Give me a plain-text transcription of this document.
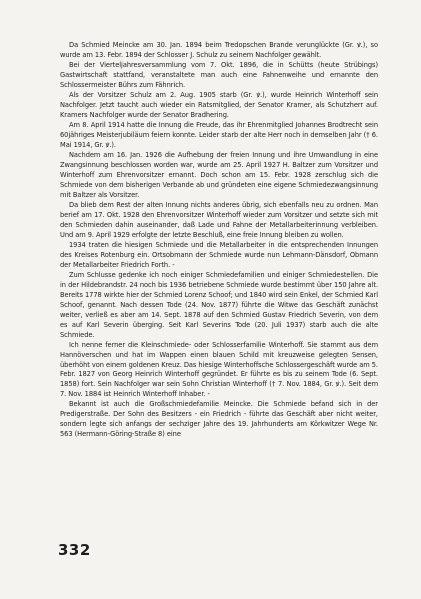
Da Schmied Meincke am 30. Jan. 1894 beim Tredopschen Brande verunglückte (Gr. ꝟ.), so wurde am 13. Febr. 1894 der Schlosser J. Schulz zu seinem Nachfolger gewählt.

Bei der Vierteljahresversammlung vom 7. Okt. 1896, die in Schütts (heute Strübings) Gastwirtschaft stattfand, veranstaltete man auch eine Fahnenweihe und ernannte den Schlossermeister Bührs zum Fähnrich.

Als der Vorsitzer Schulz am 2. Aug. 1905 starb (Gr. ꝟ.), wurde Heinrich Winterhoff sein Nachfolger. Jetzt taucht auch wieder ein Ratsmitglied, der Senator Kramer, als Schutzherr auf. Kramers Nachfolger wurde der Senator Bradhering.

Am 8. April 1914 hatte die Innung die Freude, das ihr Ehrenmitglied Johannes Brodtrecht sein 60jähriges Meisterjubiläum feiern konnte. Leider starb der alte Herr noch in demselben Jahr († 6. Mai 1914, Gr. ꝟ.).

Nachdem am 16. Jan. 1926 die Aufhebung der freien Innung und ihre Umwandlung in eine Zwangsinnung beschlossen worden war, wurde am 25. April 1927 H. Baltzer zum Vorsitzer und Winterhoff zum Ehrenvorsitzer ernannt. Doch schon am 15. Febr. 1928 zerschlug sich die Schmiede von dem bisherigen Verbande ab und gründeten eine eigene Schmiedezwangsinnung mit Baltzer als Vorsitzer.

Da blieb dem Rest der alten Innung nichts anderes übrig, sich ebenfalls neu zu ordnen. Man berief am 17. Okt. 1928 den Ehrenvorsitzer Winterhoff wieder zum Vorsitzer und setzte sich mit den Schmieden dahin auseinander, daß Lade und Fahne der Metallarbeiterinnung verbleiben. Und am 9. April 1929 erfolgte der letzte Beschluß, eine freie Innung bleiben zu wollen.

1934 traten die hiesigen Schmiede und die Metallarbeiter in die entsprechenden Innungen des Kreises Rotenburg ein. Ortsobmann der Schmiede wurde nun Lehmann-Dänsdorf, Obmann der Metallarbeiter Friedrich Forth. -

Zum Schlusse gedenke ich noch einiger Schmiedefamilien und einiger Schmiedestellen. Die in der Hildebrandstr. 24 noch bis 1936 betriebene Schmiede wurde bestimmt über 150 Jahre alt. Bereits 1778 wirkte hier der Schmied Lorenz Schoof; und 1840 wird sein Enkel, der Schmied Karl Schoof, genannt. Nach dessen Tode (24. Nov. 1877) führte die Witwe das Geschäft zunächst weiter, verließ es aber am 14. Sept. 1878 auf den Schmied Gustav Friedrich Severin, von dem es auf Karl Severin überging. Seit Karl Severins Tode (20. Juli 1937) starb auch die alte Schmiede.

Ich nenne ferner die Kleinschmiede- oder Schlosserfamilie Winterhoff. Sie stammt aus dem Hannöverschen und hat im Wappen einen blauen Schild mit kreuzweise gelegten Sensen, überhöht von einem goldenen Kreuz. Das hiesige Winterhoffsche Schlossergeschäft wurde am 5. Febr. 1827 von Georg Heinrich Winterhoff gegründet. Er führte es bis zu seinem Tode (6. Sept. 1858) fort. Sein Nachfolger war sein Sohn Christian Winterhoff († 7. Nov. 1884, Gr. ꝟ.). Seit dem 7. Nov. 1884 ist Heinrich Winterhoff Inhaber. -

Bekannt ist auch die Großschmiedefamilie Meincke. Die Schmiede befand sich in der Predigerstraße. Der Sohn des Besitzers - ein Friedrich - führte das Geschäft aber nicht weiter, sondern legte sich anfangs der sechziger Jahre des 19. Jahrhunderts am Körkwitzer Wege Nr. 563 (Hermann-Göring-Straße 8) eine

332
